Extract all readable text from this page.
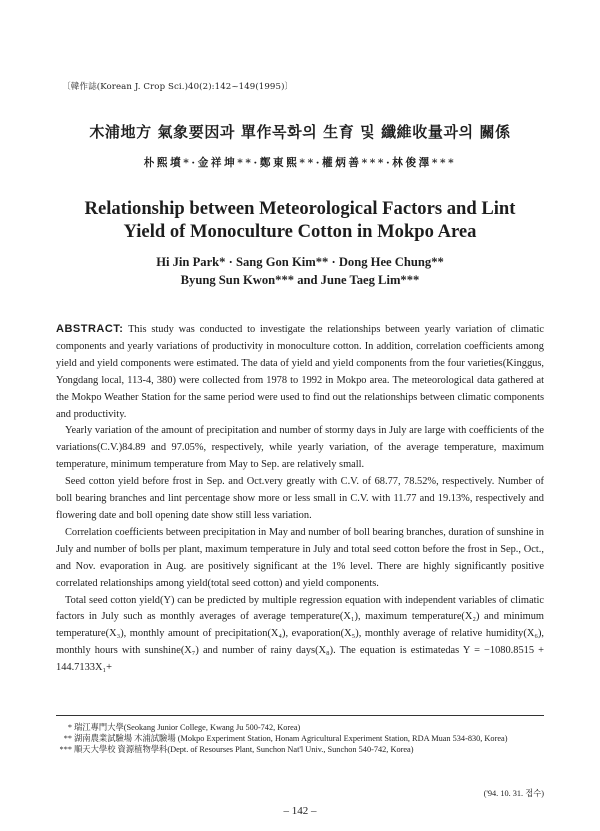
〔韓作誌(Korean J. Crop Sci.)40(2):142~149(1995)〕
木浦地方 氣象要因과 單作목화의 生育 및 纖維收量과의 關係
朴熙墳*·金祥坤**·鄭東熙**·權炳善***·林俊澤***
Relationship between Meteorological Factors and Lint
Yield of Monoculture Cotton in Mokpo Area
Hi Jin Park* · Sang Gon Kim** · Dong Hee Chung**
Byung Sun Kwon*** and June Taeg Lim***

ABSTRACT: This study was conducted to investigate the relationships between yearly variation of climatic components and yearly variations of productivity in monoculture cotton. In addition, correlation coefficients among yield and yield components were estimated. The data of yield and yield components from the four varieties(Kinggus, Yongdang local, 113-4, 380) were collected from 1978 to 1992 in Mokpo area. The meteorological data gathered at the Mokpo Weather Station for the same period were used to find out the relationships between climatic components and productivity.

Yearly variation of the amount of precipitation and number of stormy days in July are large with coefficients of the variations(C.V.)84.89 and 97.05%, respectively, while yearly variation, of the average temperature, maximum temperature, minimum temperature from May to Sep. are relatively small.

Seed cotton yield before frost in Sep. and Oct.very greatly with C.V. of 68.77, 78.52%, respectively. Number of boll bearing branches and lint percentage show more or less small in C.V. with 11.77 and 19.13%, respectively and flowering date and boll opening date show still less variation.

Correlation coefficients between precipitation in May and number of boll bearing branches, duration of sunshine in July and number of bolls per plant, maximum temperature in July and total seed cotton before the frost in Sep., Oct., and Nov. evaporation in Aug. are positively significant at the 1% level. There are highly significantly positive correlated relationships among yield(total seed cotton) and yield components.

Total seed cotton yield(Y) can be predicted by multiple regression equation with independent variables of climatic factors in July such as monthly averages of average temperature(X₁), maximum temperature(X₂) and minimum temperature(X₃), monthly amount of precipitation(X₄), evaporation(X₅), monthly average of relative humidity(X₆), monthly hours with sunshine(X₇) and number of rainy days(X₈). The equation is estimatedas Y = −1080.8515 + 144.7133X₁+

* 瑞江專門大學(Seokang Junior College, Kwang Ju 500-742, Korea)
** 湖南農業試驗場 木浦試驗場 (Mokpo Experiment Station, Honam Agricultural Experiment Station, RDA Muan 534-830, Korea)
*** 順天大學校 資源植物學科(Dept. of Resourses Plant, Sunchon Nat'l Univ., Sunchon 540-742, Korea)
('94. 10. 31. 접수)
– 142 –
